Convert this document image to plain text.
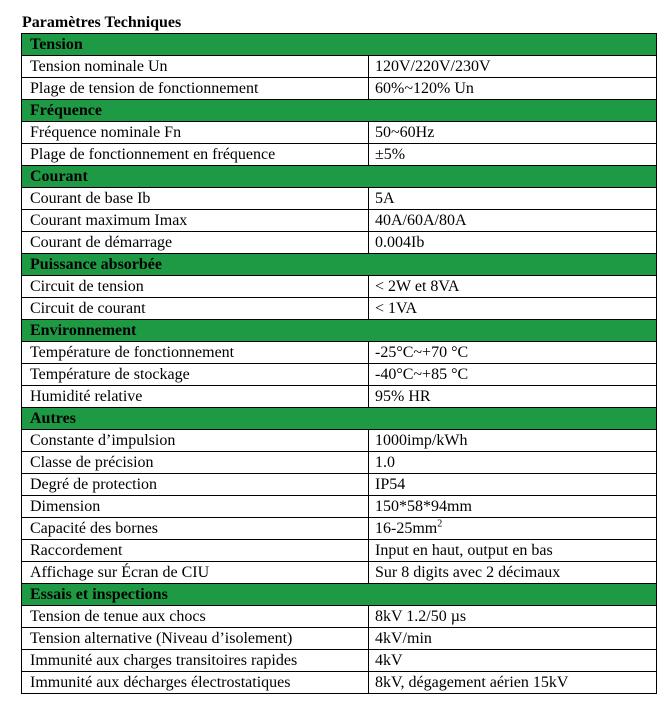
Paramètres Techniques
Tension	
Tension nominale Un	120V/220V/230V
Plage de tension de fonctionnement	60%~120% Un
Fréquence	
Fréquence nominale Fn	50~60Hz
Plage de fonctionnement en fréquence	±5%
Courant	
Courant de base Ib	5A
Courant maximum Imax	40A/60A/80A
Courant de démarrage	0.004Ib
Puissance absorbée	
Circuit de tension	< 2W et 8VA
Circuit de courant	< 1VA
Environnement	
Température de fonctionnement	-25°C~+70 °C
Température de stockage	-40°C~+85 °C
Humidité relative	95% HR
Autres	
Constante d’impulsion	1000imp/kWh
Classe de précision	1.0
Degré de protection	IP54
Dimension	150*58*94mm
Capacité des bornes	$16-25mm^2$
Raccordement	Input en haut, output en bas
Affichage sur Écran de CIU	Sur 8 digits avec 2 décimaux
Essais et inspections	
Tension de tenue aux chocs	8kV 1.2/50 µs
Tension alternative (Niveau d’isolement)	4kV/min
Immunité aux charges transitoires rapides	4kV
Immunité aux décharges électrostatiques	8kV, dégagement aérien 15kV
